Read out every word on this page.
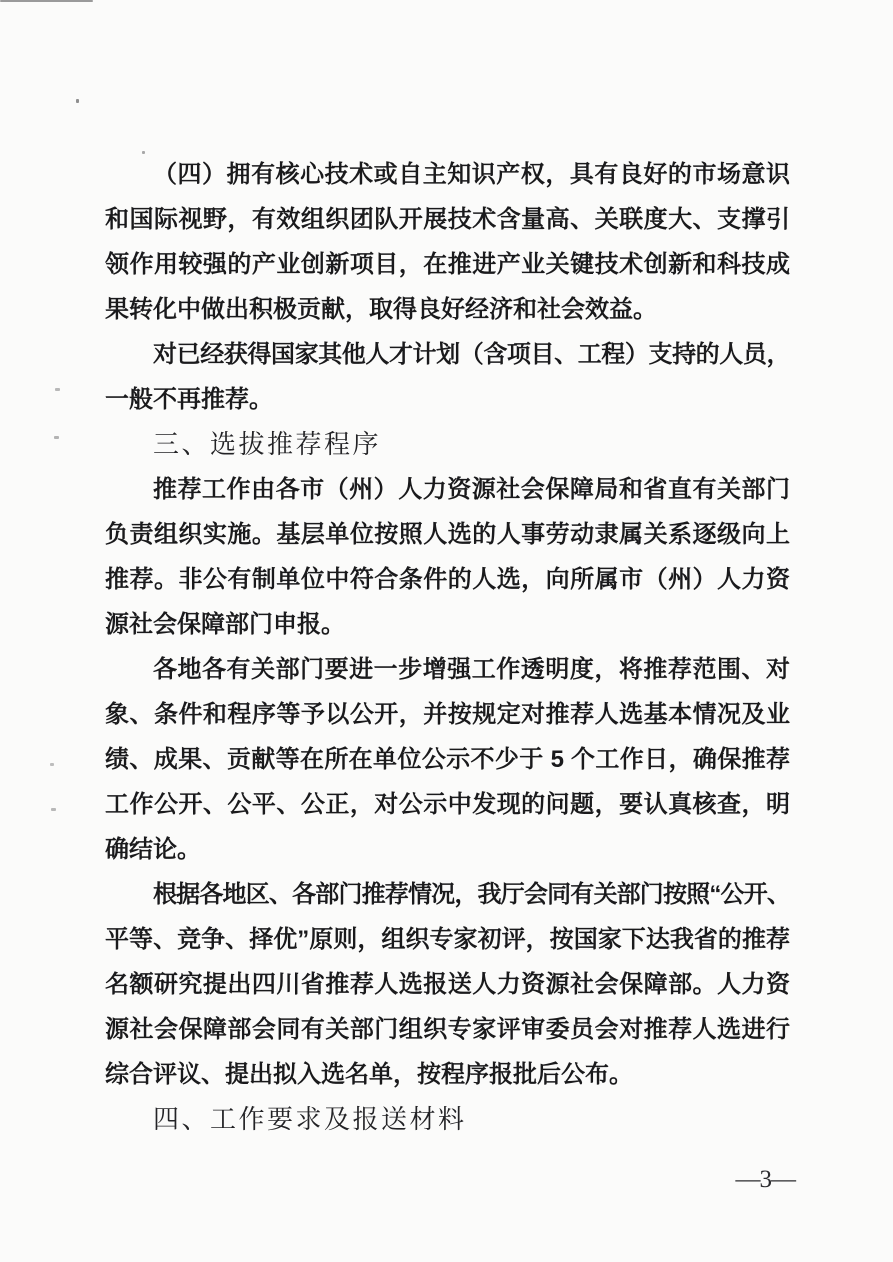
（四）拥有核心技术或自主知识产权，具有良好的市场意识
和国际视野，有效组织团队开展技术含量高、关联度大、支撑引
领作用较强的产业创新项目，在推进产业关键技术创新和科技成
果转化中做出积极贡献，取得良好经济和社会效益。
对已经获得国家其他人才计划（含项目、工程）支持的人员，
一般不再推荐。
三、选拔推荐程序
推荐工作由各市（州）人力资源社会保障局和省直有关部门
负责组织实施。基层单位按照人选的人事劳动隶属关系逐级向上
推荐。非公有制单位中符合条件的人选，向所属市（州）人力资
源社会保障部门申报。
各地各有关部门要进一步增强工作透明度，将推荐范围、对
象、条件和程序等予以公开，并按规定对推荐人选基本情况及业
绩、成果、贡献等在所在单位公示不少于 5 个工作日，确保推荐
工作公开、公平、公正，对公示中发现的问题，要认真核查，明
确结论。
根据各地区、各部门推荐情况，我厅会同有关部门按照“公开、
平等、竞争、择优”原则，组织专家初评，按国家下达我省的推荐
名额研究提出四川省推荐人选报送人力资源社会保障部。人力资
源社会保障部会同有关部门组织专家评审委员会对推荐人选进行
综合评议、提出拟入选名单，按程序报批后公布。
四、工作要求及报送材料
—3—
